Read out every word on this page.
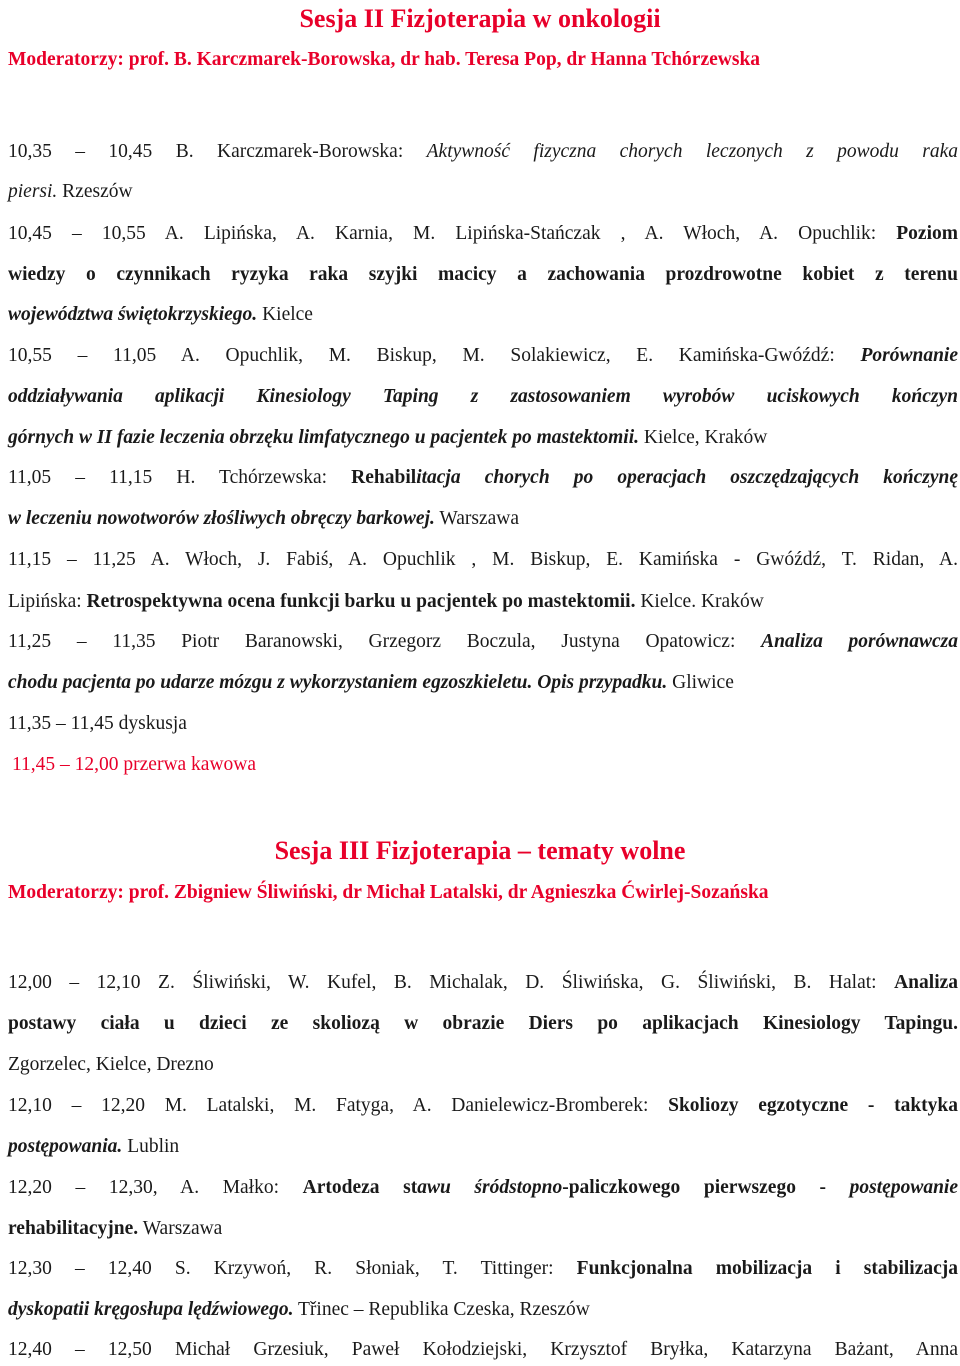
Sesja II Fizjoterapia w onkologii
Moderatorzy: prof. B. Karczmarek-Borowska, dr hab. Teresa Pop, dr Hanna Tchórzewska
10,35 – 10,45 B. Karczmarek-Borowska: Aktywność fizyczna chorych leczonych z powodu raka
piersi. Rzeszów
10,45 – 10,55 A. Lipińska, A. Karnia, M. Lipińska-Stańczak , A. Włoch, A. Opuchlik: Poziom
wiedzy o czynnikach ryzyka raka szyjki macicy a zachowania prozdrowotne kobiet z terenu
województwa świętokrzyskiego. Kielce
10,55 – 11,05 A. Opuchlik, M. Biskup, M. Solakiewicz, E. Kamińska-Gwóźdź: Porównanie
oddziaływania aplikacji Kinesiology Taping z zastosowaniem wyrobów uciskowych kończyn
górnych w II fazie leczenia obrzęku limfatycznego u pacjentek po mastektomii. Kielce, Kraków
11,05 – 11,15 H. Tchórzewska: Rehabilitacja chorych po operacjach oszczędzających kończynę
w leczeniu nowotworów złośliwych obręczy barkowej. Warszawa
11,15 – 11,25 A. Włoch, J. Fabiś, A. Opuchlik , M. Biskup, E. Kamińska - Gwóźdź, T. Ridan, A.
Lipińska: Retrospektywna ocena funkcji barku u pacjentek po mastektomii. Kielce. Kraków
11,25 – 11,35 Piotr Baranowski, Grzegorz Boczula, Justyna Opatowicz: Analiza porównawcza
chodu pacjenta po udarze mózgu z wykorzystaniem egzoszkieletu. Opis przypadku. Gliwice
11,35 – 11,45 dyskusja
11,45 – 12,00 przerwa kawowa
Sesja III Fizjoterapia – tematy wolne
Moderatorzy: prof. Zbigniew Śliwiński, dr Michał Latalski, dr Agnieszka Ćwirlej-Sozańska
12,00 – 12,10 Z. Śliwiński, W. Kufel, B. Michalak, D. Śliwińska, G. Śliwiński, B. Halat: Analiza
postawy ciała u dzieci ze skoliozą w obrazie Diers po aplikacjach Kinesiology Tapingu.
Zgorzelec, Kielce, Drezno
12,10 – 12,20 M. Latalski, M. Fatyga, A. Danielewicz-Bromberek: Skoliozy egzotyczne - taktyka
postępowania. Lublin
12,20 – 12,30, A. Małko: Artodeza stawu śródstopno-paliczkowego pierwszego - postępowanie
rehabilitacyjne. Warszawa
12,30 – 12,40 S. Krzywoń, R. Słoniak, T. Tittinger: Funkcjonalna mobilizacja i stabilizacja
dyskopatii kręgosłupa lędźwiowego. Třinec – Republika Czeska, Rzeszów
12,40 – 12,50 Michał Grzesiuk, Paweł Kołodziejski, Krzysztof Bryłka, Katarzyna Bażant, Anna
